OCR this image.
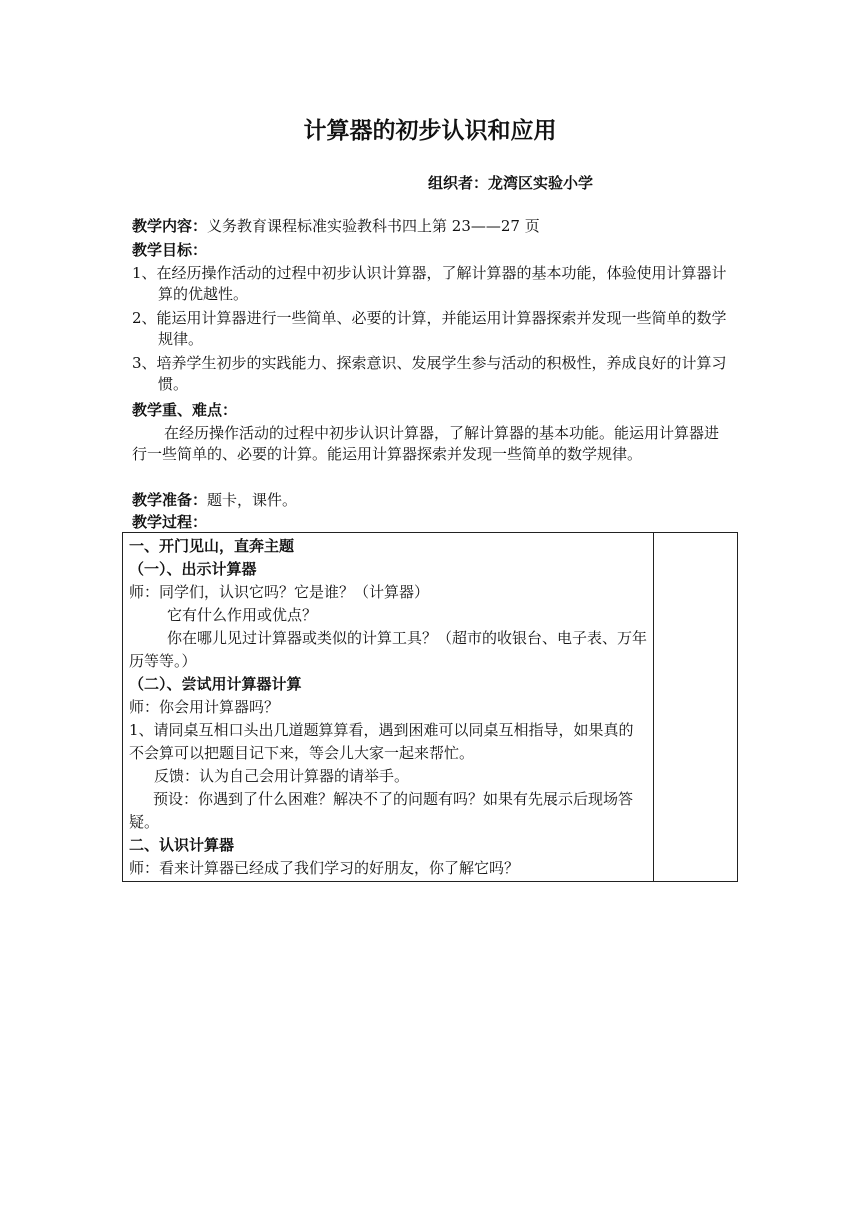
计算器的初步认识和应用
组织者：龙湾区实验小学
教学内容：义务教育课程标准实验教科书四上第 23——27 页
教学目标：
1、在经历操作活动的过程中初步认识计算器，了解计算器的基本功能，体验使用计算器计算的优越性。
2、能运用计算器进行一些简单、必要的计算，并能运用计算器探索并发现一些简单的数学规律。
3、培养学生初步的实践能力、探索意识、发展学生参与活动的积极性，养成良好的计算习惯。
教学重、难点：
在经历操作活动的过程中初步认识计算器，了解计算器的基本功能。能运用计算器进行一些简单的、必要的计算。能运用计算器探索并发现一些简单的数学规律。
教学准备：题卡，课件。
教学过程：
一、开门见山，直奔主题
（一）、出示计算器
师：同学们，认识它吗？它是谁？（计算器）
它有什么作用或优点？
你在哪儿见过计算器或类似的计算工具？（超市的收银台、电子表、万年历等等。）
（二）、尝试用计算器计算
师：你会用计算器吗？
1、请同桌互相口头出几道题算算看，遇到困难可以同桌互相指导，如果真的不会算可以把题目记下来，等会儿大家一起来帮忙。
反馈：认为自己会用计算器的请举手。
预设：你遇到了什么困难？解决不了的问题有吗？如果有先展示后现场答疑。
二、认识计算器
师：看来计算器已经成了我们学习的好朋友，你了解它吗？
